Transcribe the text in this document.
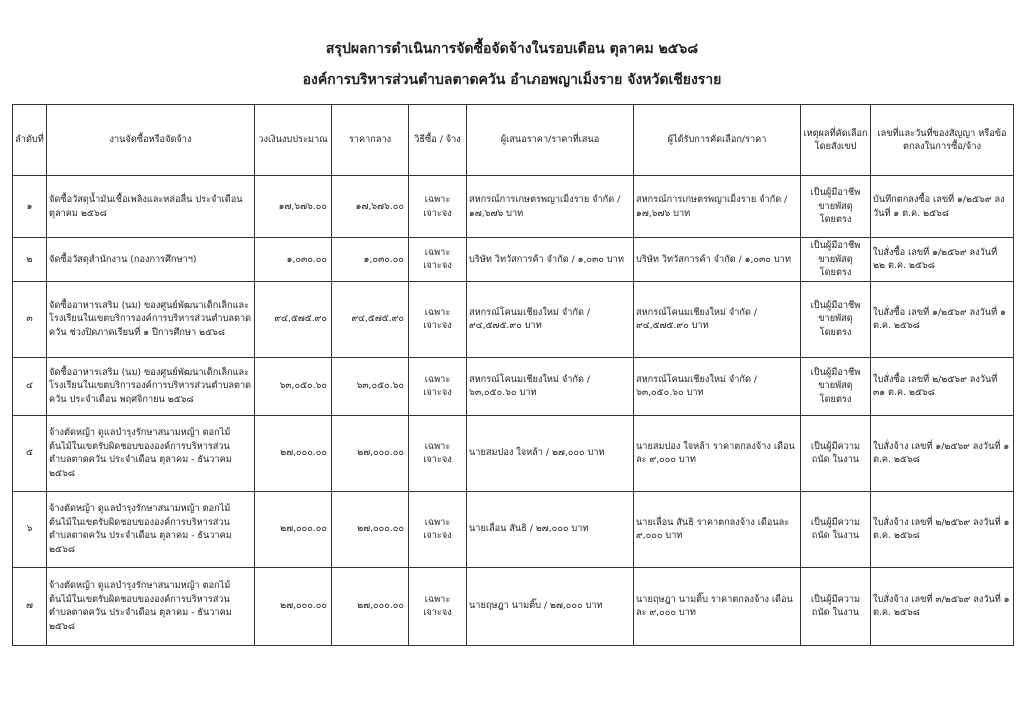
สรุปผลการดำเนินการจัดซื้อจัดจ้างในรอบเดือน ตุลาคม ๒๕๖๘
องค์การบริหารส่วนตำบลตาดควัน อำเภอพญาเม็งราย จังหวัดเชียงราย
ลำดับที่	งานจัดซื้อหรือจัดจ้าง	วงเงินงบประมาณ	ราคากลาง	วิธีซื้อ / จ้าง	ผู้เสนอราคา/ราคาที่เสนอ	ผู้ได้รับการคัดเลือก/ราคา	เหตุผลที่คัดเลือก โดยสังเขป	เลขที่และวันที่ของสัญญา หรือข้อตกลงในการซื้อ/จ้าง
๑	จัดซื้อวัสดุน้ำมันเชื้อเพลิงและหล่อลื่น ประจำเดือน ตุลาคม ๒๕๖๘	๑๗,๖๗๖.๐๐	๑๗,๖๗๖.๐๐	เฉพาะเจาะจง	สหกรณ์การเกษตรพญาเม็งราย จำกัด / ๑๗,๖๗๖ บาท	สหกรณ์การเกษตรพญาเม็งราย จำกัด / ๑๗,๖๗๖ บาท	เป็นผู้มีอาชีพ ขายพัสดุโดยตรง	บันทึกตกลงซื้อ เลขที่ ๑/๒๕๖๙ ลงวันที่ ๑ ต.ค. ๒๕๖๘
๒	จัดซื้อวัสดุสำนักงาน (กองการศึกษาฯ)	๑,๐๓๐.๐๐	๑,๐๓๐.๐๐	เฉพาะเจาะจง	บริษัท วิทวัสการค้า จำกัด / ๑,๐๓๐ บาท	บริษัท วิทวัสการค้า จำกัด / ๑,๐๓๐ บาท	เป็นผู้มีอาชีพ ขายพัสดุโดยตรง	ใบสั่งซื้อ เลขที่ ๑/๒๕๖๙ ลงวันที่ ๒๒ ต.ค. ๒๕๖๘
๓	จัดซื้ออาหารเสริม (นม) ของศูนย์พัฒนาเด็กเล็กและโรงเรียนในเขตบริการองค์การบริหารส่วนตำบลตาดควัน ช่วงปิดภาคเรียนที่ ๑ ปีการศึกษา ๒๕๖๘	๙๔,๕๗๕.๙๐	๙๔,๕๗๕.๙๐	เฉพาะเจาะจง	สหกรณ์โคนมเชียงใหม่ จำกัด / ๙๔,๕๗๕.๙๐ บาท	สหกรณ์โคนมเชียงใหม่ จำกัด / ๙๔,๕๗๕.๙๐ บาท	เป็นผู้มีอาชีพ ขายพัสดุโดยตรง	ใบสั่งซื้อ เลขที่ ๑/๒๕๖๙ ลงวันที่ ๑ ต.ค. ๒๕๖๘
๔	จัดซื้ออาหารเสริม (นม) ของศูนย์พัฒนาเด็กเล็กและโรงเรียนในเขตบริการองค์การบริหารส่วนตำบลตาดควัน ประจำเดือน พฤศจิกายน ๒๕๖๘	๖๓,๐๕๐.๖๐	๖๓,๐๕๐.๖๐	เฉพาะเจาะจง	สหกรณ์โคนมเชียงใหม่ จำกัด / ๖๓,๐๕๐.๖๐ บาท	สหกรณ์โคนมเชียงใหม่ จำกัด / ๖๓,๐๕๐.๖๐ บาท	เป็นผู้มีอาชีพ ขายพัสดุโดยตรง	ใบสั่งซื้อ เลขที่ ๒/๒๕๖๙ ลงวันที่ ๓๑ ต.ค. ๒๕๖๘
๕	จ้างตัดหญ้า ดูแลบำรุงรักษาสนามหญ้า ตอกไม้ต้นไม้ในเขตรับผิดชอบขององค์การบริหารส่วนตำบลตาดควัน ประจำเดือน ตุลาคม - ธันวาคม ๒๕๖๘	๒๗,๐๐๐.๐๐	๒๗,๐๐๐.๐๐	เฉพาะเจาะจง	นายสมปอง ใจหล้า / ๒๗,๐๐๐ บาท	นายสมปอง ใจหล้า ราคาตกลงจ้าง เดือนละ ๙,๐๐๐ บาท	เป็นผู้มีความถนัด ในงาน	ใบสั่งจ้าง เลขที่ ๑/๒๕๖๙ ลงวันที่ ๑ ต.ค. ๒๕๖๘
๖	จ้างตัดหญ้า ดูแลบำรุงรักษาสนามหญ้า ตอกไม้ต้นไม้ในเขตรับผิดชอบขององค์การบริหารส่วนตำบลตาดควัน ประจำเดือน ตุลาคม - ธันวาคม ๒๕๖๘	๒๗,๐๐๐.๐๐	๒๗,๐๐๐.๐๐	เฉพาะเจาะจง	นายเลื่อน สันธิ / ๒๗,๐๐๐ บาท	นายเลื่อน สันธิ ราคาตกลงจ้าง เดือนละ ๙,๐๐๐ บาท	เป็นผู้มีความถนัด ในงาน	ใบสั่งจ้าง เลขที่ ๒/๒๕๖๙ ลงวันที่ ๑ ต.ค. ๒๕๖๘
๗	จ้างตัดหญ้า ดูแลบำรุงรักษาสนามหญ้า ตอกไม้ต้นไม้ในเขตรับผิดชอบขององค์การบริหารส่วนตำบลตาดควัน ประจำเดือน ตุลาคม - ธันวาคม ๒๕๖๘	๒๗,๐๐๐.๐๐	๒๗,๐๐๐.๐๐	เฉพาะเจาะจง	นายฤษฎา นามติ๊บ / ๒๗,๐๐๐ บาท	นายฤษฎา นามติ๊บ ราคาตกลงจ้าง เดือนละ ๙,๐๐๐ บาท	เป็นผู้มีความถนัด ในงาน	ใบสั่งจ้าง เลขที่ ๓/๒๕๖๙ ลงวันที่ ๑ ต.ค. ๒๕๖๘
